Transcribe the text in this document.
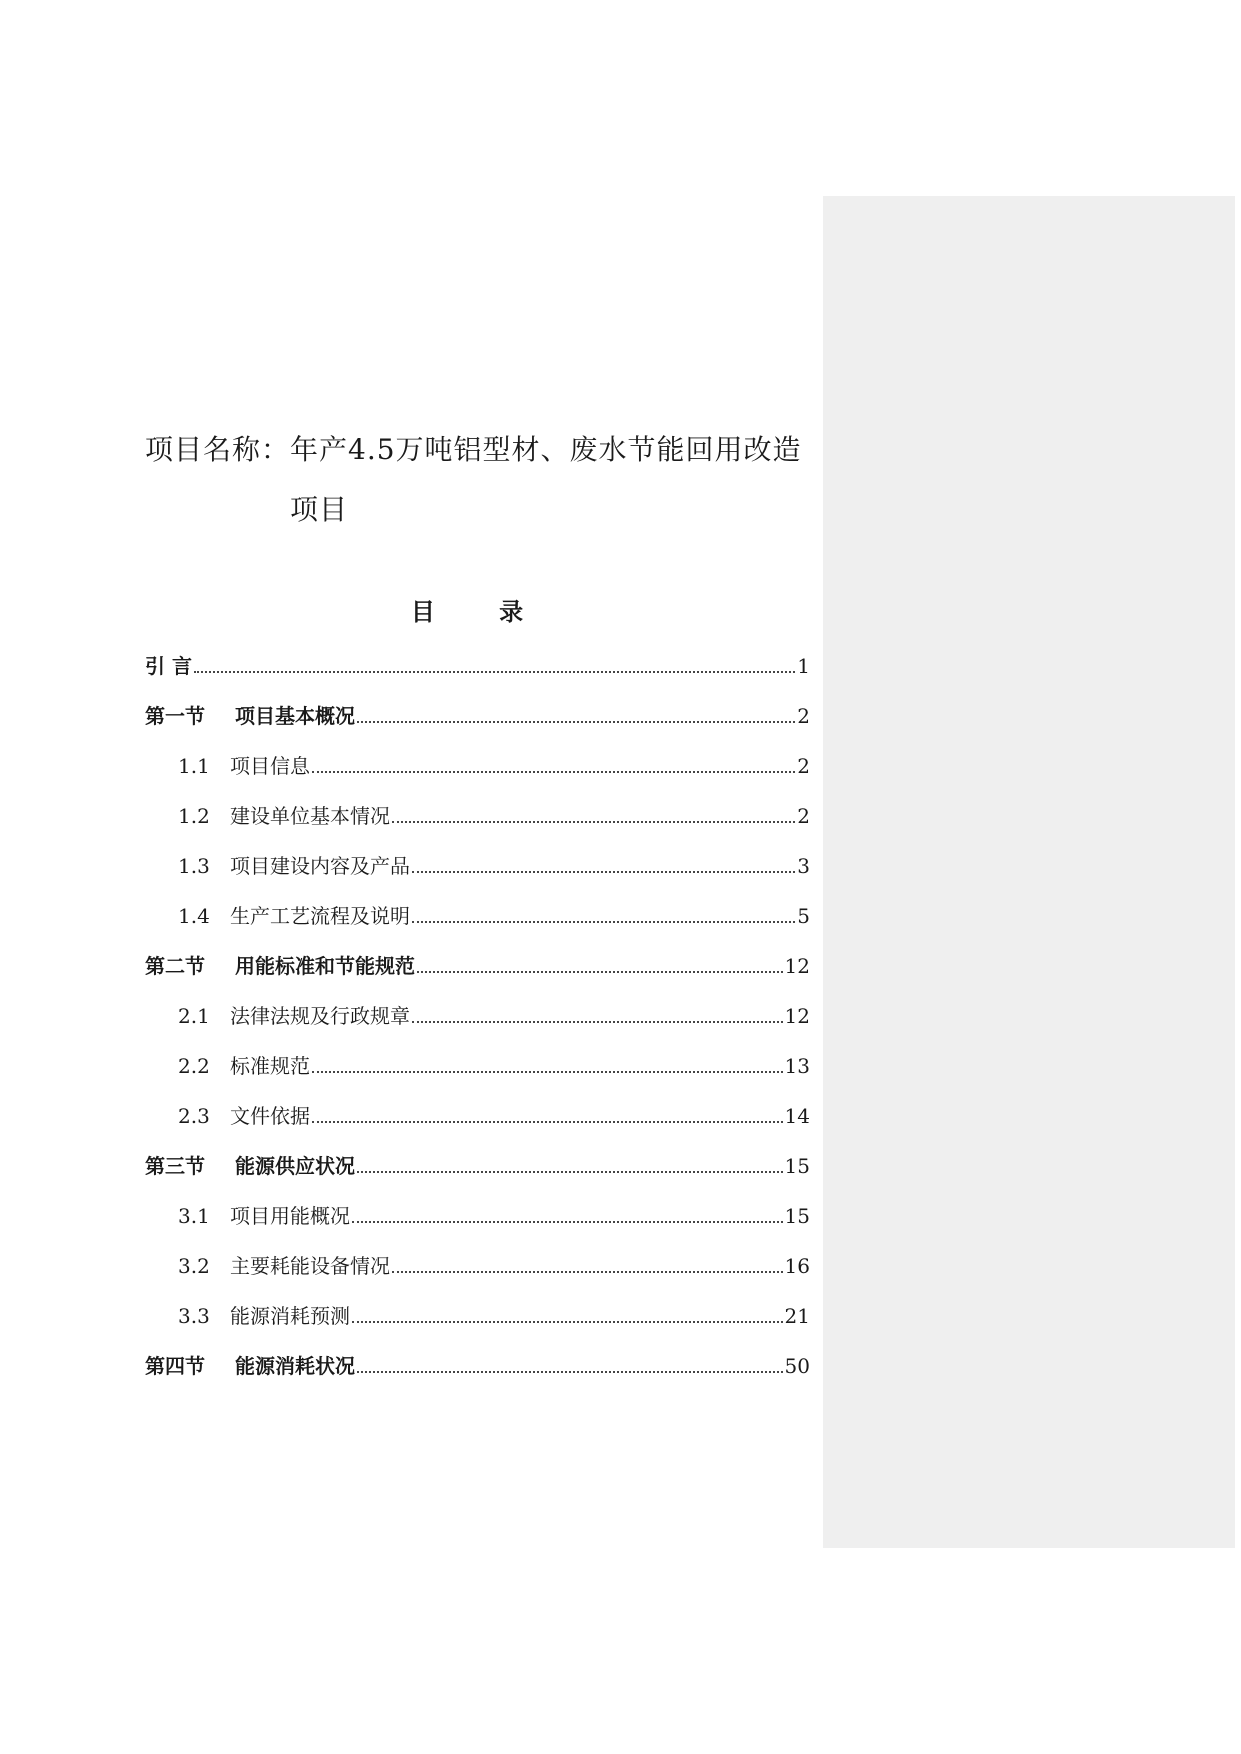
项目名称：年产4.5万吨铝型材、废水节能回用改造
项目
目 录
引 言	1
第一节	项目基本概况	2
1.1	项目信息	2
1.2	建设单位基本情况	2
1.3	项目建设内容及产品	3
1.4	生产工艺流程及说明	5
第二节	用能标准和节能规范	12
2.1	法律法规及行政规章	12
2.2	标准规范	13
2.3	文件依据	14
第三节	能源供应状况	15
3.1	项目用能概况	15
3.2	主要耗能设备情况	16
3.3	能源消耗预测	21
第四节	能源消耗状况	50
